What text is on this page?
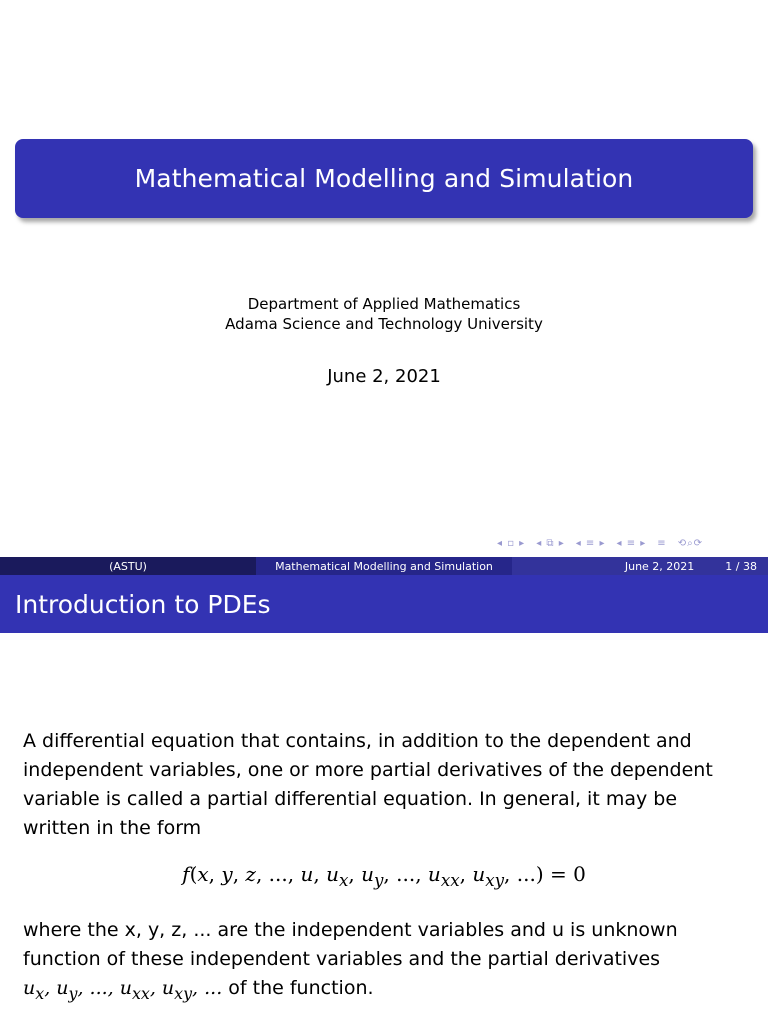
Mathematical Modelling and Simulation
Department of Applied Mathematics
Adama Science and Technology University
June 2, 2021
◂ ▫ ▸ ◂ ⧉ ▸ ◂ ≡ ▸ ◂ ≡ ▸ ≡ ⟲⌕⟳
(ASTU)	Mathematical Modelling and Simulation	June 2, 2021	1 / 38
Introduction to PDEs
A differential equation that contains, in addition to the dependent and independent variables, one or more partial derivatives of the dependent variable is called a partial differential equation. In general, it may be written in the form
f(x, y, z, ..., u, $u_x$, $u_y$, ..., $u_{xx}$, $u_{xy}$, ...) = 0
where the x, y, z, ... are the independent variables and u is unknown function of these independent variables and the partial derivatives
$u_x$, $u_y$, ..., $u_{xx}$, $u_{xy}$, ... of the function.
